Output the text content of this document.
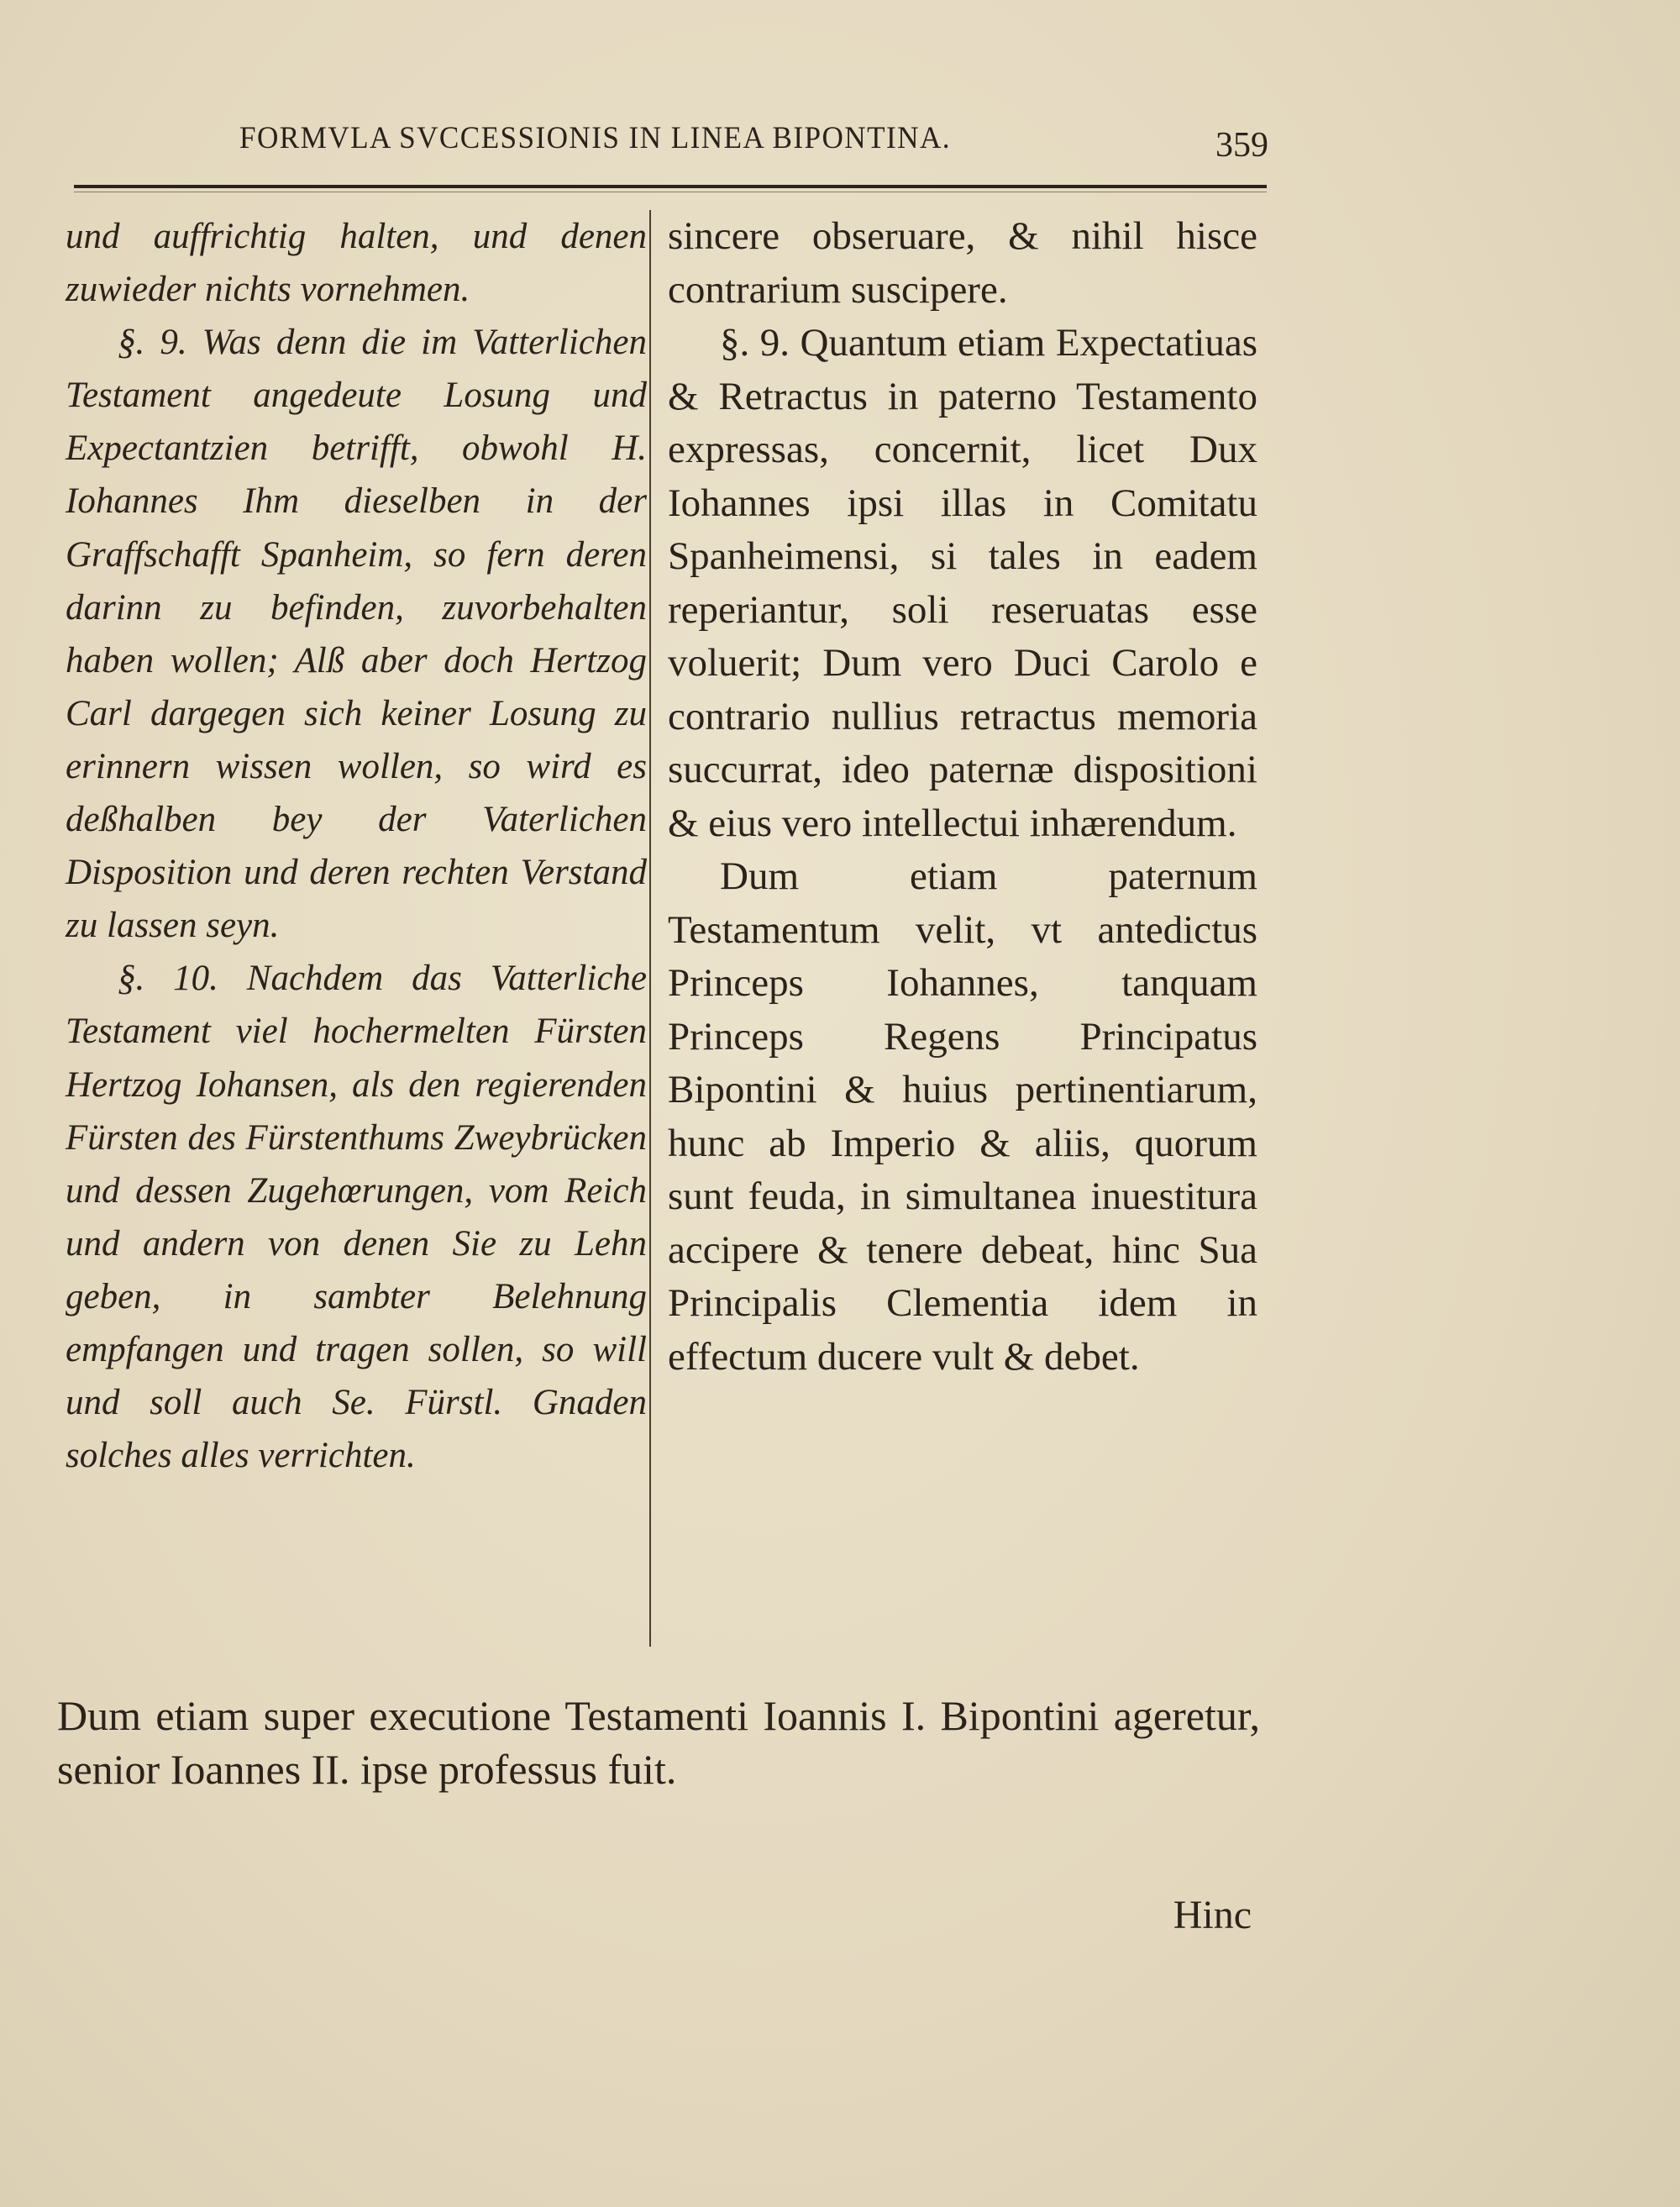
FORMVLA SVCCESSIONIS IN LINEA BIPONTINA.	359

und auffrichtig halten, und denen zuwieder nichts vornehmen.

§. 9. Was denn die im Vatterlichen Testament angedeute Losung und Expectantzien betrifft, obwohl H. Iohannes Ihm dieselben in der Graffschafft Spanheim, so fern deren darinn zu befinden, zuvorbehalten haben wollen; Alß aber doch Hertzog Carl dargegen sich keiner Losung zu erinnern wissen wollen, so wird es deßhalben bey der Vaterlichen Disposition und deren rechten Verstand zu lassen seyn.

§. 10. Nachdem das Vatterliche Testament viel hochermelten Fürsten Hertzog Iohansen, als den regierenden Fürsten des Fürstenthums Zweybrücken und dessen Zugehœrungen, vom Reich und andern von denen Sie zu Lehn geben, in sambter Belehnung empfangen und tragen sollen, so will und soll auch Se. Fürstl. Gnaden solches alles verrichten.

sincere obseruare, & nihil hisce contrarium suscipere.

§. 9. Quantum etiam Expectatiuas & Retractus in paterno Testamento expressas, concernit, licet Dux Iohannes ipsi illas in Comitatu Spanheimensi, si tales in eadem reperiantur, soli reseruatas esse voluerit; Dum vero Duci Carolo e contrario nullius retractus memoria succurrat, ideo paternæ dispositioni & eius vero intellectui inhærendum.

Dum etiam paternum Testamentum velit, vt antedictus Princeps Iohannes, tanquam Princeps Regens Principatus Bipontini & huius pertinentiarum, hunc ab Imperio & aliis, quorum sunt feuda, in simultanea inuestitura accipere & tenere debeat, hinc Sua Principalis Clementia idem in effectum ducere vult & debet.

Dum etiam super executione Testamenti Ioannis I. Bipontini ageretur, senior Ioannes II. ipse professus fuit.

Hinc
